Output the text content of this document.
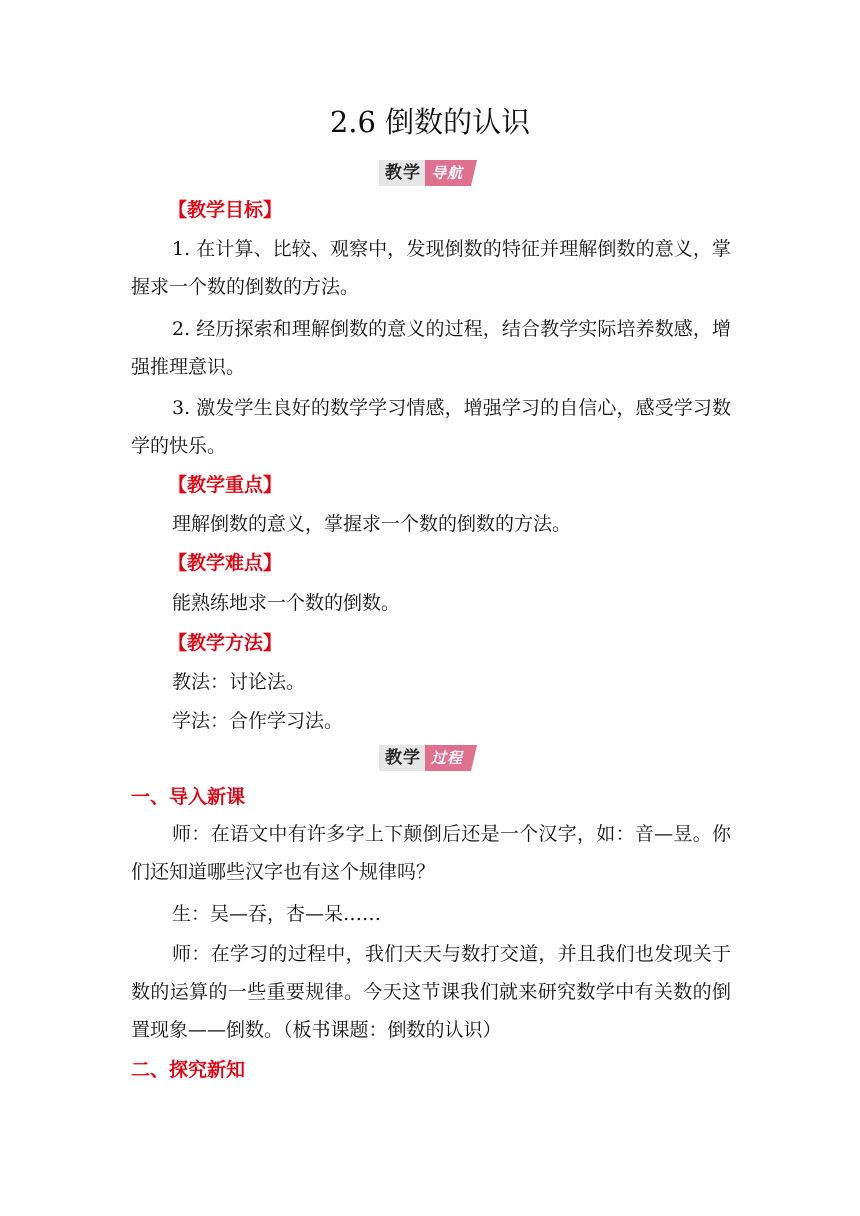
2.6 倒数的认识
教学 导航
【教学目标】
1. 在计算、比较、观察中，发现倒数的特征并理解倒数的意义，掌握求一个数的倒数的方法。
2. 经历探索和理解倒数的意义的过程，结合教学实际培养数感，增强推理意识。
3. 激发学生良好的数学学习情感，增强学习的自信心，感受学习数学的快乐。
【教学重点】
理解倒数的意义，掌握求一个数的倒数的方法。
【教学难点】
能熟练地求一个数的倒数。
【教学方法】
教法：讨论法。
学法：合作学习法。
教学 过程
一、导入新课
师：在语文中有许多字上下颠倒后还是一个汉字，如：音—昱。你们还知道哪些汉字也有这个规律吗？
生：吴—吞，杏—呆……
师：在学习的过程中，我们天天与数打交道，并且我们也发现关于数的运算的一些重要规律。今天这节课我们就来研究数学中有关数的倒置现象——倒数。（板书课题：倒数的认识）
二、探究新知
